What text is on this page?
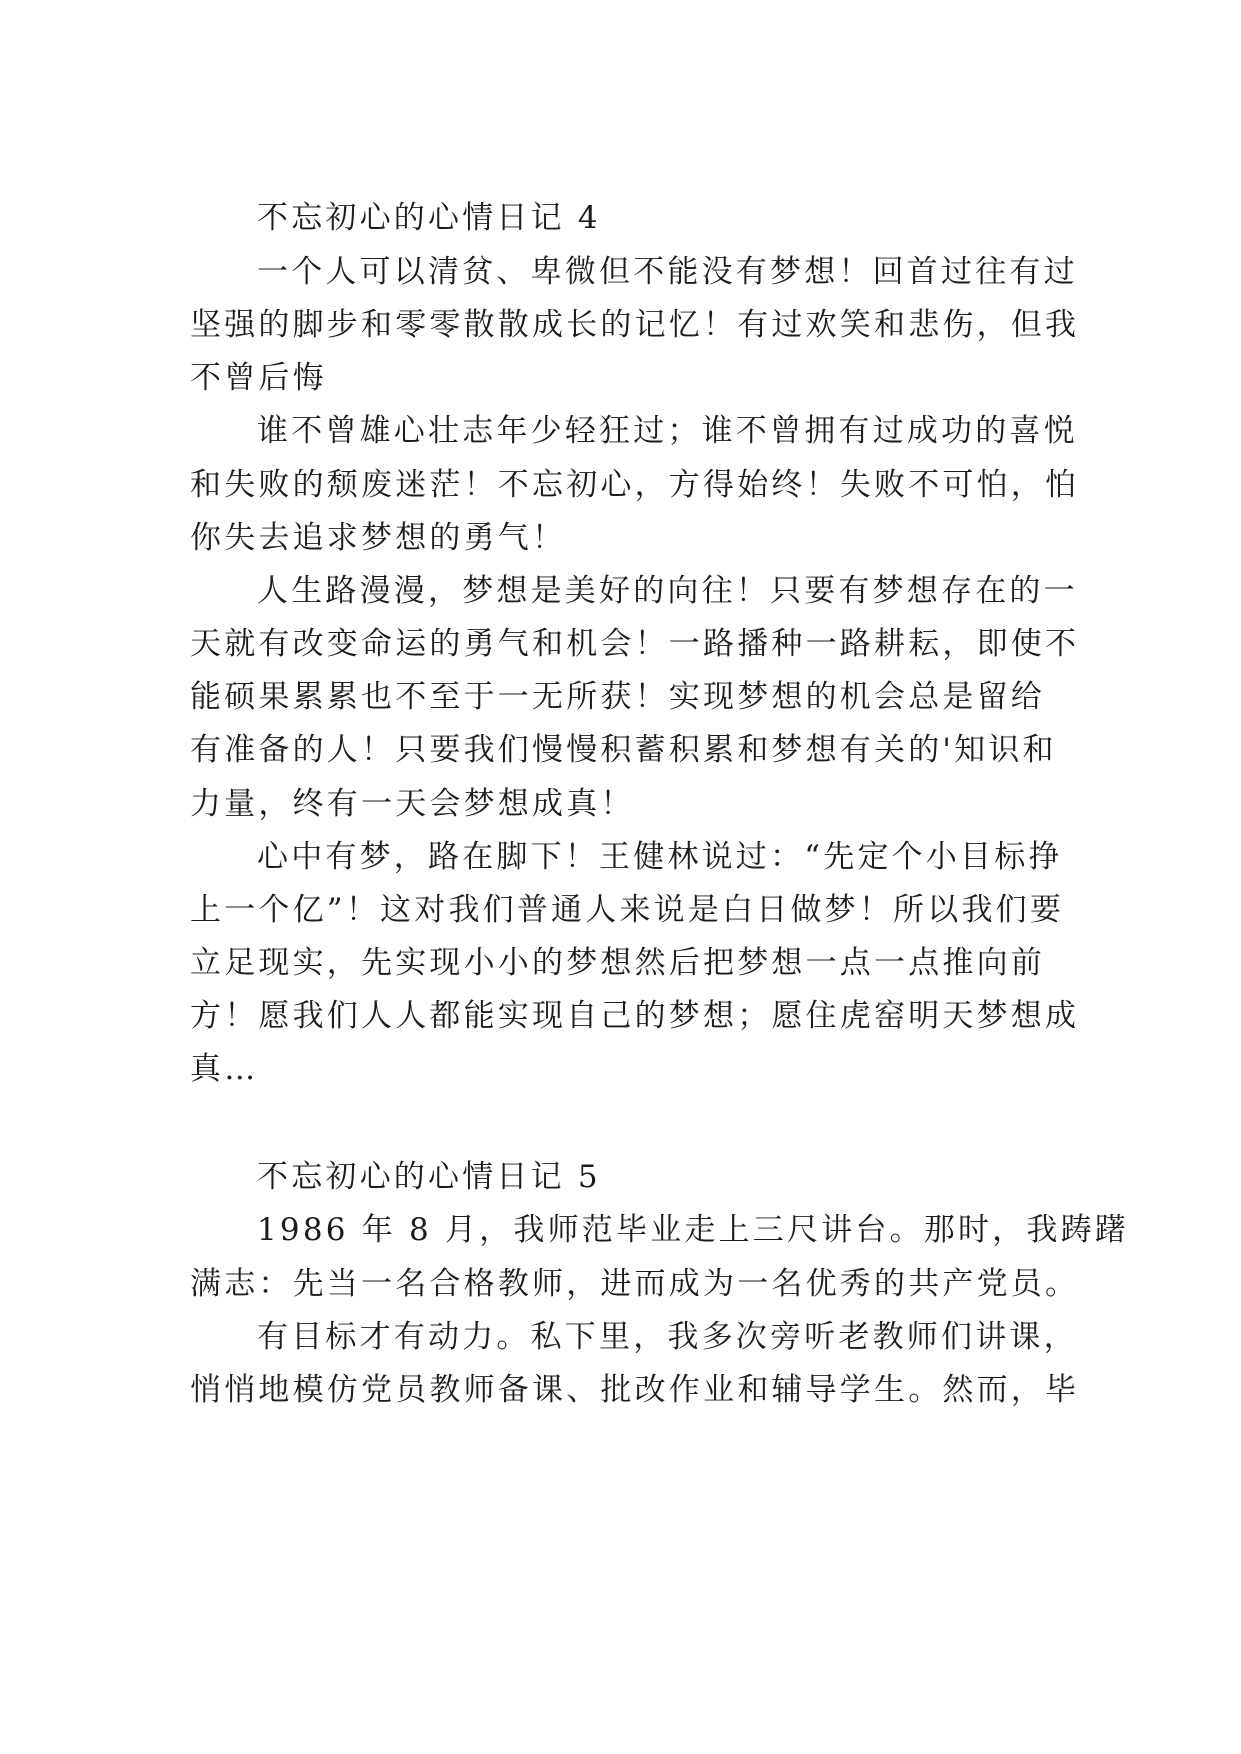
不忘初心的心情日记 4

一个人可以清贫、卑微但不能没有梦想！回首过往有过

坚强的脚步和零零散散成长的记忆！有过欢笑和悲伤，但我

不曾后悔

谁不曾雄心壮志年少轻狂过；谁不曾拥有过成功的喜悦

和失败的颓废迷茫！不忘初心，方得始终！失败不可怕，怕

你失去追求梦想的勇气！

人生路漫漫，梦想是美好的向往！只要有梦想存在的一

天就有改变命运的勇气和机会！一路播种一路耕耘，即使不

能硕果累累也不至于一无所获！实现梦想的机会总是留给

有准备的人！只要我们慢慢积蓄积累和梦想有关的'知识和

力量，终有一天会梦想成真！

心中有梦，路在脚下！王健林说过：“先定个小目标挣

上一个亿”！这对我们普通人来说是白日做梦！所以我们要

立足现实，先实现小小的梦想然后把梦想一点一点推向前

方！愿我们人人都能实现自己的梦想；愿住虎窑明天梦想成

真…

不忘初心的心情日记 5

1986 年 8 月，我师范毕业走上三尺讲台。那时，我踌躇

满志：先当一名合格教师，进而成为一名优秀的共产党员。

有目标才有动力。私下里，我多次旁听老教师们讲课，

悄悄地模仿党员教师备课、批改作业和辅导学生。然而，毕
